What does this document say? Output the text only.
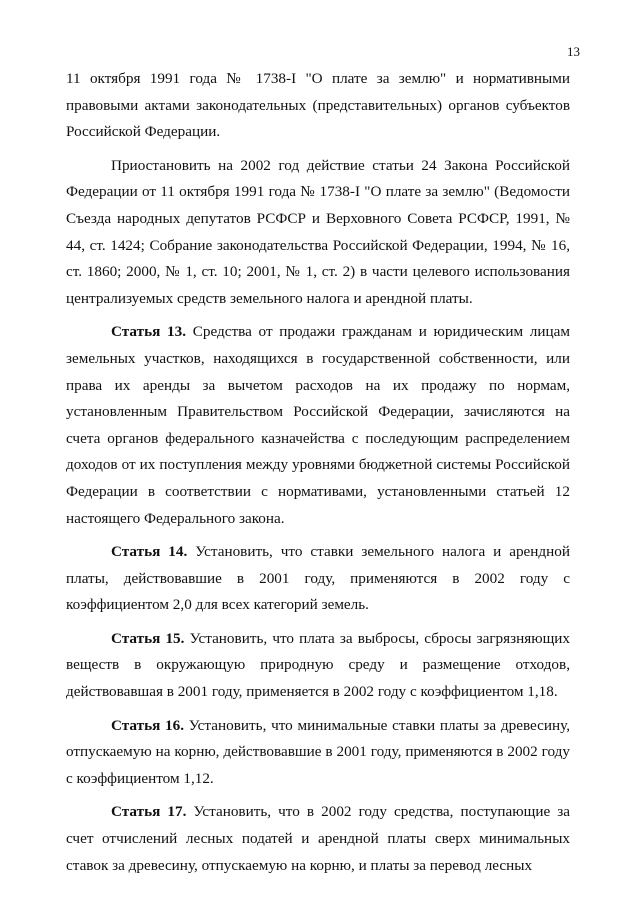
13

11 октября 1991 года № 1738-I "О плате за землю" и нормативными правовыми актами законодательных (представительных) органов субъектов Российской Федерации.

Приостановить на 2002 год действие статьи 24 Закона Российской Федерации от 11 октября 1991 года № 1738-I "О плате за землю" (Ведомости Съезда народных депутатов РСФСР и Верховного Совета РСФСР, 1991, № 44, ст. 1424; Собрание законодательства Российской Федерации, 1994, № 16, ст. 1860; 2000, № 1, ст. 10; 2001, № 1, ст. 2) в части целевого использования централизуемых средств земельного налога и арендной платы.

Статья 13. Средства от продажи гражданам и юридическим лицам земельных участков, находящихся в государственной собственности, или права их аренды за вычетом расходов на их продажу по нормам, установленным Правительством Российской Федерации, зачисляются на счета органов федерального казначейства с последующим распределением доходов от их поступления между уровнями бюджетной системы Российской Федерации в соответствии с нормативами, установленными статьей 12 настоящего Федерального закона.

Статья 14. Установить, что ставки земельного налога и арендной платы, действовавшие в 2001 году, применяются в 2002 году с коэффициентом 2,0 для всех категорий земель.

Статья 15. Установить, что плата за выбросы, сбросы загрязняющих веществ в окружающую природную среду и размещение отходов, действовавшая в 2001 году, применяется в 2002 году с коэффициентом 1,18.

Статья 16. Установить, что минимальные ставки платы за древесину, отпускаемую на корню, действовавшие в 2001 году, применяются в 2002 году с коэффициентом 1,12.

Статья 17. Установить, что в 2002 году средства, поступающие за счет отчислений лесных податей и арендной платы сверх минимальных ставок за древесину, отпускаемую на корню, и платы за перевод лесных
